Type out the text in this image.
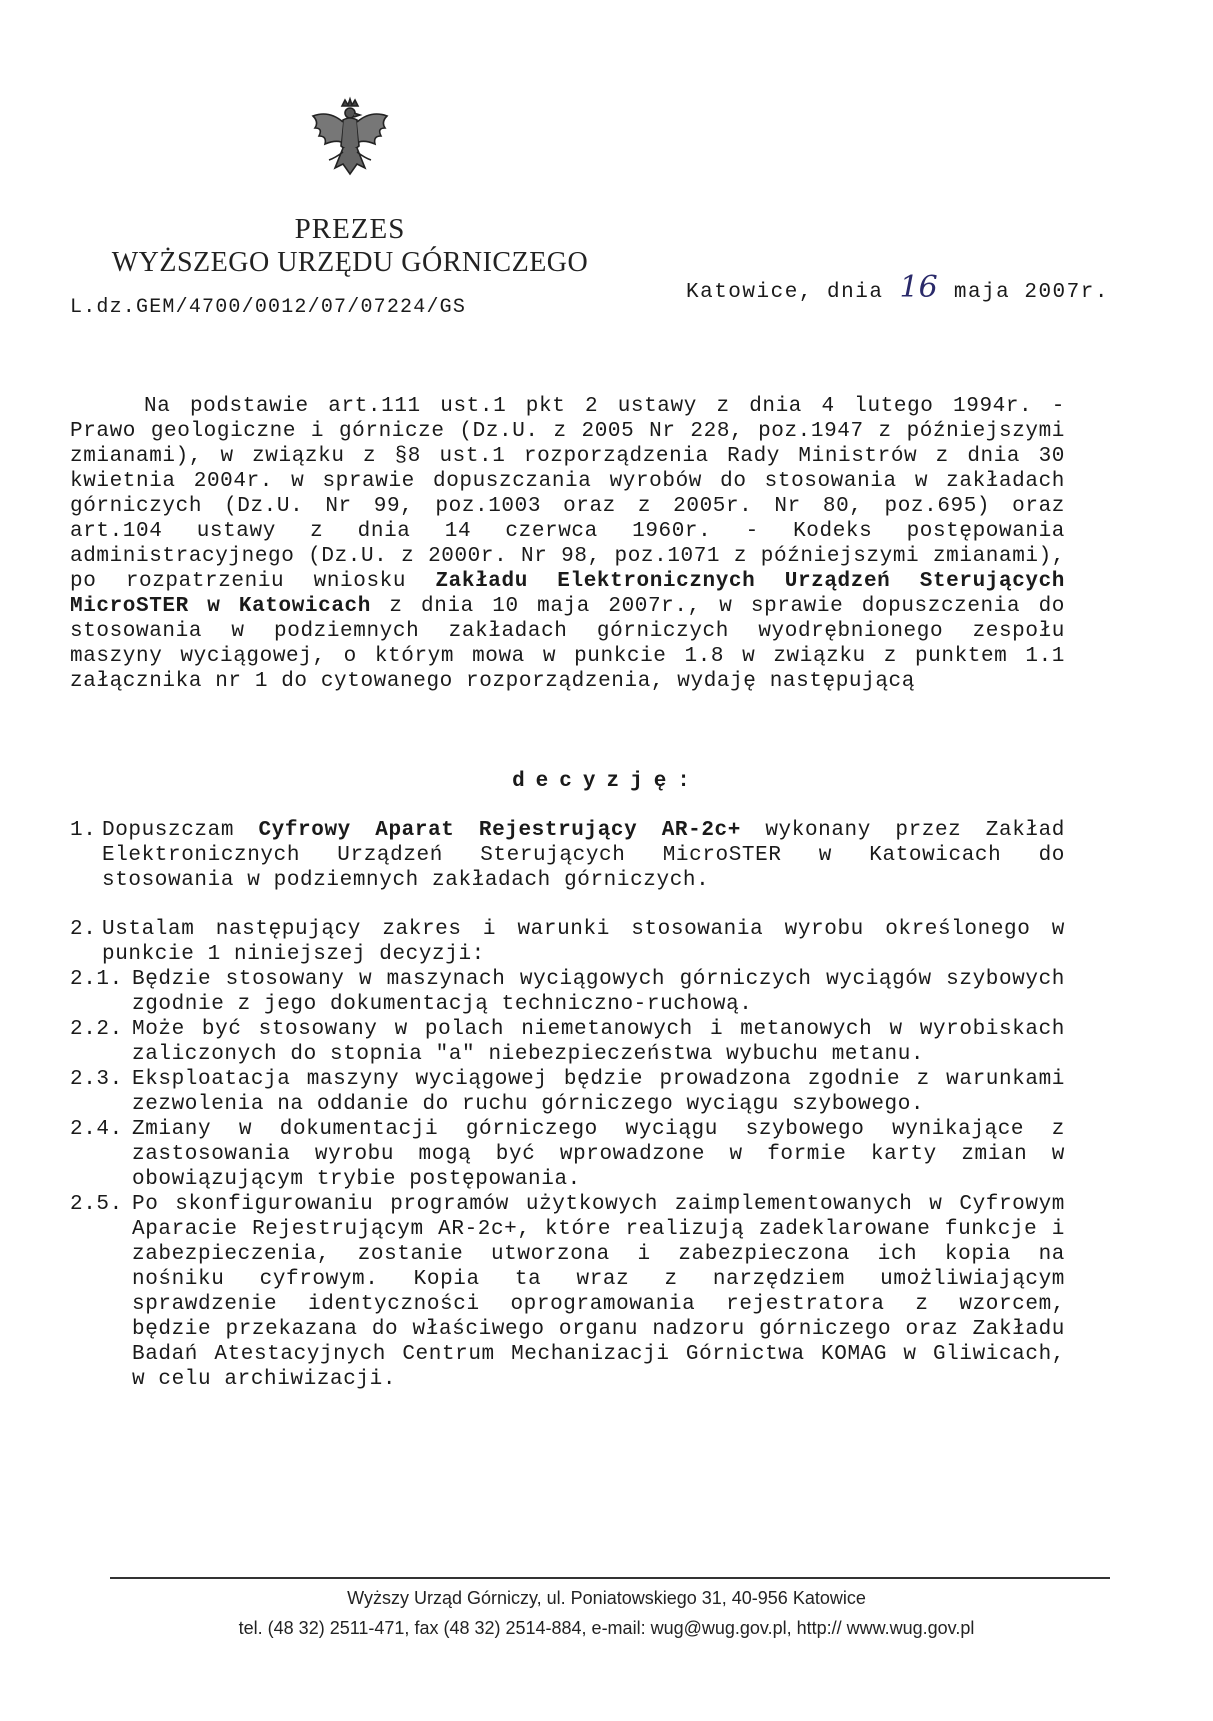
PREZES
WYŻSZEGO URZĘDU GÓRNICZEGO
Katowice, dnia 16 maja 2007r.
L.dz.GEM/4700/0012/07/07224/GS

Na podstawie art.111 ust.1 pkt 2 ustawy z dnia 4 lutego 1994r. - Prawo geologiczne i górnicze (Dz.U. z 2005 Nr 228, poz.1947 z późniejszymi zmianami), w związku z §8 ust.1 rozporządzenia Rady Ministrów z dnia 30 kwietnia 2004r. w sprawie dopuszczania wyrobów do stosowania w zakładach górniczych (Dz.U. Nr 99, poz.1003 oraz z 2005r. Nr 80, poz.695) oraz art.104 ustawy z dnia 14 czerwca 1960r. - Kodeks postępowania administracyjnego (Dz.U. z 2000r. Nr 98, poz.1071 z późniejszymi zmianami), po rozpatrzeniu wniosku Zakładu Elektronicznych Urządzeń Sterujących MicroSTER w Katowicach z dnia 10 maja 2007r., w sprawie dopuszczenia do stosowania w podziemnych zakładach górniczych wyodrębnionego zespołu maszyny wyciągowej, o którym mowa w punkcie 1.8 w związku z punktem 1.1 załącznika nr 1 do cytowanego rozporządzenia, wydaję następującą

decyzję:
1. Dopuszczam Cyfrowy Aparat Rejestrujący AR-2c+ wykonany przez Zakład Elektronicznych Urządzeń Sterujących MicroSTER w Katowicach do stosowania w podziemnych zakładach górniczych.
2. Ustalam następujący zakres i warunki stosowania wyrobu określonego w punkcie 1 niniejszej decyzji:
2.1. Będzie stosowany w maszynach wyciągowych górniczych wyciągów szybowych zgodnie z jego dokumentacją techniczno-ruchową.
2.2. Może być stosowany w polach niemetanowych i metanowych w wyrobiskach zaliczonych do stopnia "a" niebezpieczeństwa wybuchu metanu.
2.3. Eksploatacja maszyny wyciągowej będzie prowadzona zgodnie z warunkami zezwolenia na oddanie do ruchu górniczego wyciągu szybowego.
2.4. Zmiany w dokumentacji górniczego wyciągu szybowego wynikające z zastosowania wyrobu mogą być wprowadzone w formie karty zmian w obowiązującym trybie postępowania.
2.5. Po skonfigurowaniu programów użytkowych zaimplementowanych w Cyfrowym Aparacie Rejestrującym AR-2c+, które realizują zadeklarowane funkcje i zabezpieczenia, zostanie utworzona i zabezpieczona ich kopia na nośniku cyfrowym. Kopia ta wraz z narzędziem umożliwiającym sprawdzenie identyczności oprogramowania rejestratora z wzorcem, będzie przekazana do właściwego organu nadzoru górniczego oraz Zakładu Badań Atestacyjnych Centrum Mechanizacji Górnictwa KOMAG w Gliwicach, w celu archiwizacji.
Wyższy Urząd Górniczy, ul. Poniatowskiego 31, 40-956 Katowice
tel. (48 32) 2511-471, fax (48 32) 2514-884, e-mail: wug@wug.gov.pl, http:// www.wug.gov.pl
